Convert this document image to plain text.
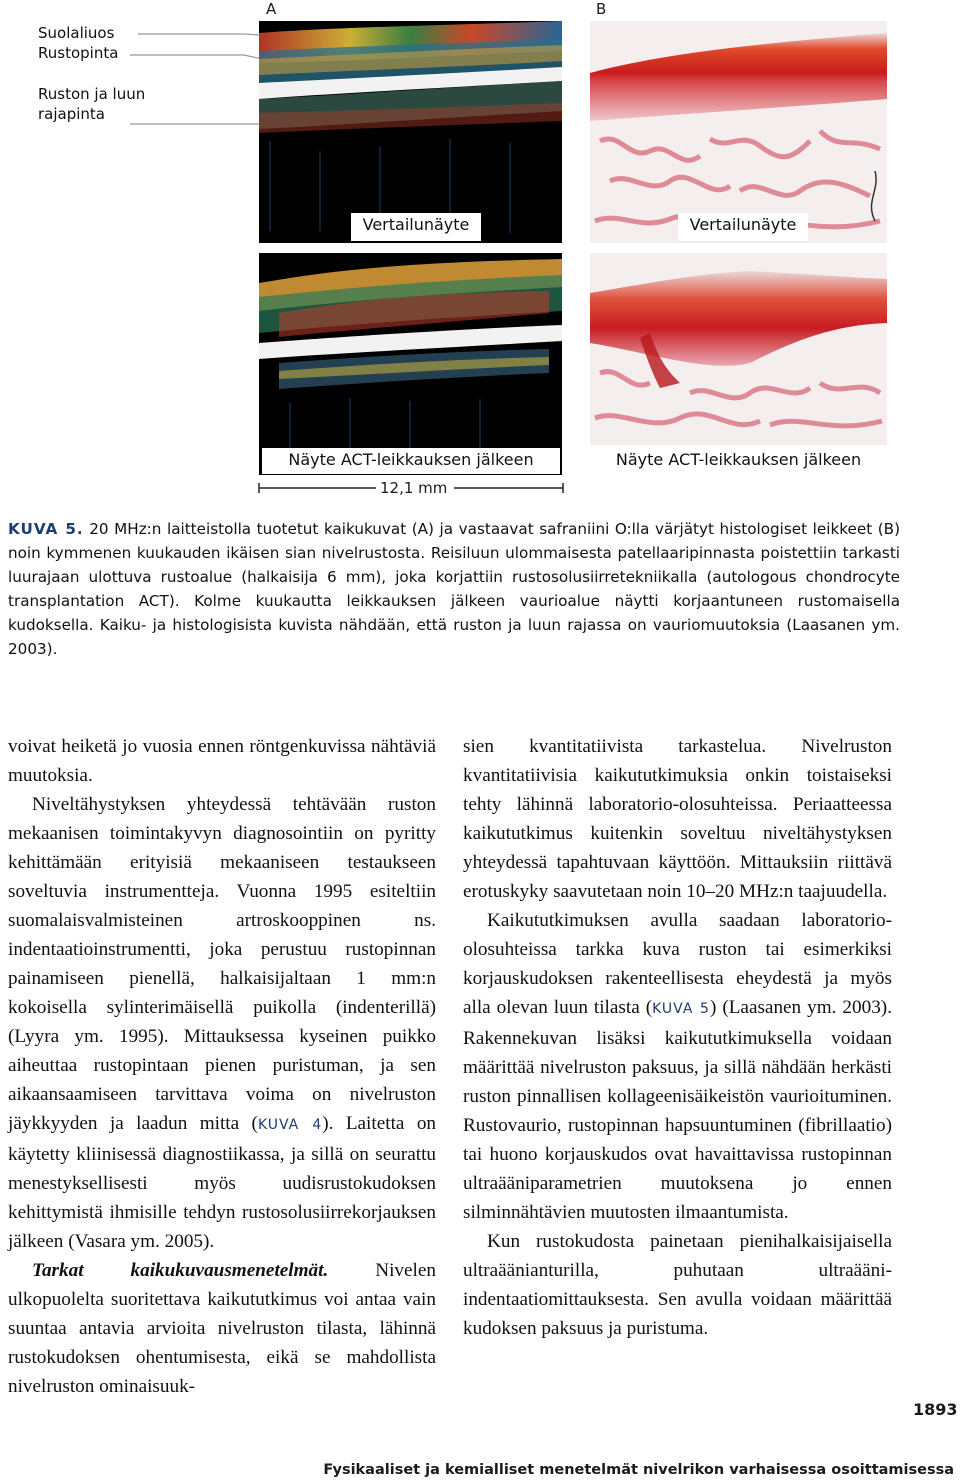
A	B
Suolaliuos
Rustopinta
Ruston ja luun
rajapinta
Vertailunäyte	Vertailunäyte
Näyte ACT-leikkauksen jälkeen	Näyte ACT-leikkauksen jälkeen
12,1 mm
KUVA 5. 20 MHz:n laitteistolla tuotetut kaikukuvat (A) ja vastaavat safraniini O:lla värjätyt histologiset leikkeet (B) noin kymmenen kuukauden ikäisen sian nivelrustosta. Reisiluun ulommaisesta patellaaripinnasta poistettiin tarkasti luurajaan ulottuva rustoalue (halkaisija 6 mm), joka korjattiin rustosolusiirretekniikalla (autologous chondrocyte transplantation ACT). Kolme kuukautta leikkauksen jälkeen vaurioalue näytti korjaantuneen rustomaisella kudoksella. Kaiku- ja histologisista kuvista nähdään, että ruston ja luun rajassa on vauriomuutoksia (Laasanen ym. 2003).

voivat heiketä jo vuosia ennen röntgenkuvissa nähtäviä muutoksia.

Niveltähystyksen yhteydessä tehtävään ruston mekaanisen toimintakyvyn diagnosointiin on pyritty kehittämään erityisiä mekaaniseen testaukseen soveltuvia instrumentteja. Vuonna 1995 esiteltiin suomalaisvalmisteinen artroskooppinen ns. indentaatioinstrumentti, joka perustuu rustopinnan painamiseen pienellä, halkaisijaltaan 1 mm:n kokoisella sylinterimäisellä puikolla (indenterillä) (Lyyra ym. 1995). Mittauksessa kyseinen puikko aiheuttaa rustopintaan pienen puristuman, ja sen aikaansaamiseen tarvittava voima on nivelruston jäykkyyden ja laadun mitta (KUVA 4). Laitetta on käytetty kliinisessä diagnostiikassa, ja sillä on seurattu menestyksellisesti myös uudisrustokudoksen kehittymistä ihmisille tehdyn rustosolusiirrekorjauksen jälkeen (Vasara ym. 2005).

Tarkat kaikukuvausmenetelmät. Nivelen ulkopuolelta suoritettava kaikututkimus voi antaa vain suuntaa antavia arvioita nivelruston tilasta, lähinnä rustokudoksen ohentumisesta, eikä se mahdollista nivelruston ominaisuuk-

sien kvantitatiivista tarkastelua. Nivelruston kvantitatiivisia kaikututkimuksia onkin toistaiseksi tehty lähinnä laboratorio-olosuhteissa. Periaatteessa kaikututkimus kuitenkin soveltuu niveltähystyksen yhteydessä tapahtuvaan käyttöön. Mittauksiin riittävä erotuskyky saavutetaan noin 10–20 MHz:n taajuudella.

Kaikututkimuksen avulla saadaan laboratorio-olosuhteissa tarkka kuva ruston tai esimerkiksi korjauskudoksen rakenteellisesta eheydestä ja myös alla olevan luun tilasta (KUVA 5) (Laasanen ym. 2003). Rakennekuvan lisäksi kaikututkimuksella voidaan määrittää nivelruston paksuus, ja sillä nähdään herkästi ruston pinnallisen kollageenisäikeistön vaurioituminen. Rustovaurio, rustopinnan hapsuuntuminen (fibrillaatio) tai huono korjauskudos ovat havaittavissa rustopinnan ultraääniparametrien muutoksena jo ennen silminnähtävien muutosten ilmaantumista.

Kun rustokudosta painetaan pienihalkaisijaisella ultraäänianturilla, puhutaan ultraääni-indentaatiomittauksesta. Sen avulla voidaan määrittää kudoksen paksuus ja puristuma.

1893
Fysikaaliset ja kemialliset menetelmät nivelrikon varhaisessa osoittamisessa
